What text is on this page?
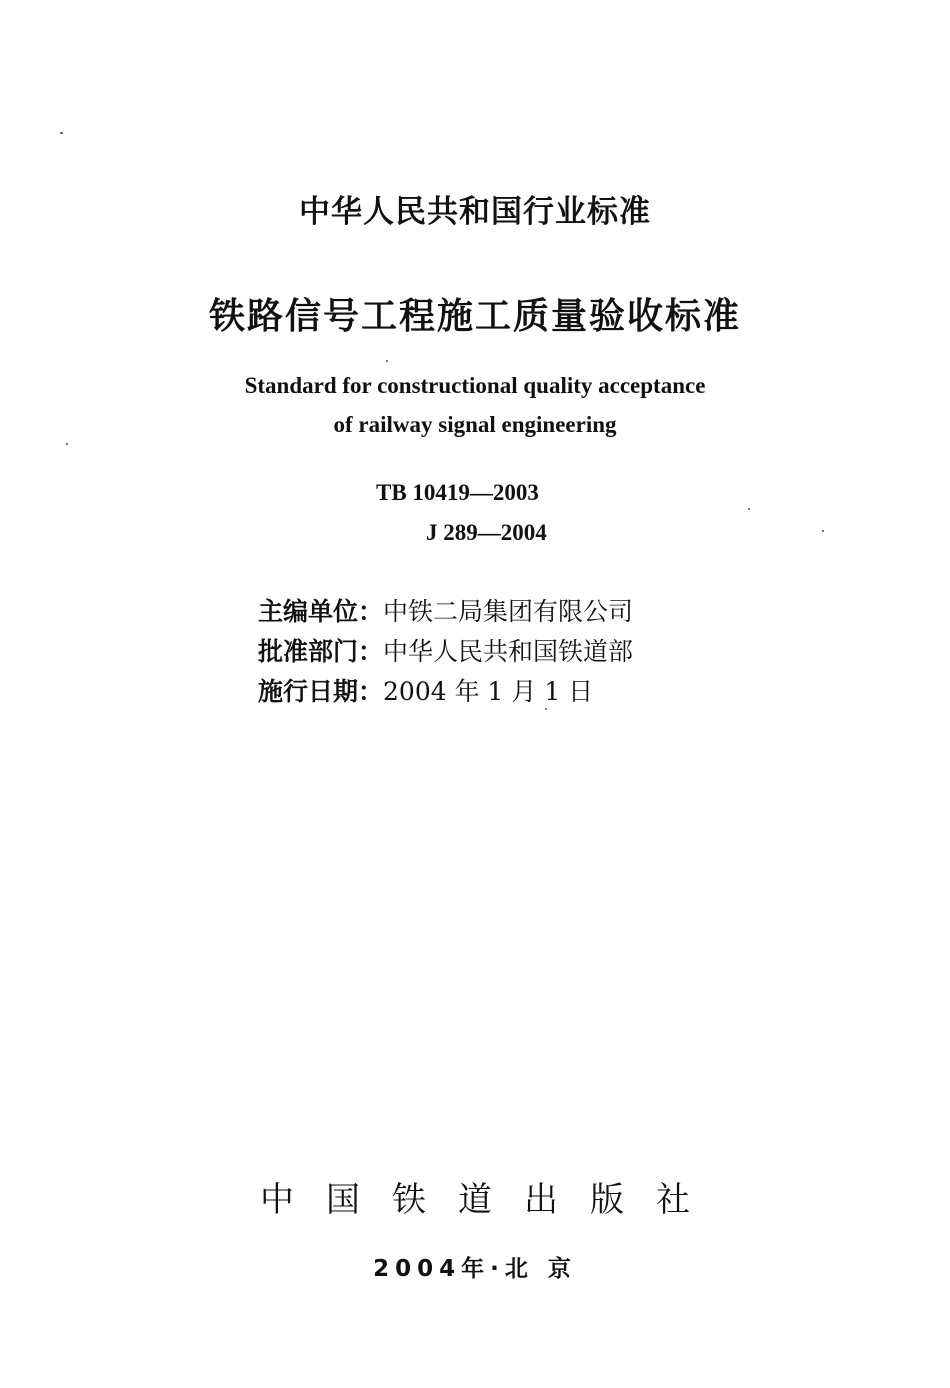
中华人民共和国行业标准
铁路信号工程施工质量验收标准
Standard for constructional quality acceptance
of railway signal engineering
TB 10419—2003
J 289—2004
主编单位：中铁二局集团有限公司
批准部门：中华人民共和国铁道部
施行日期：2004 年 1 月 1 日
中国铁道出版社
2004年·北 京
